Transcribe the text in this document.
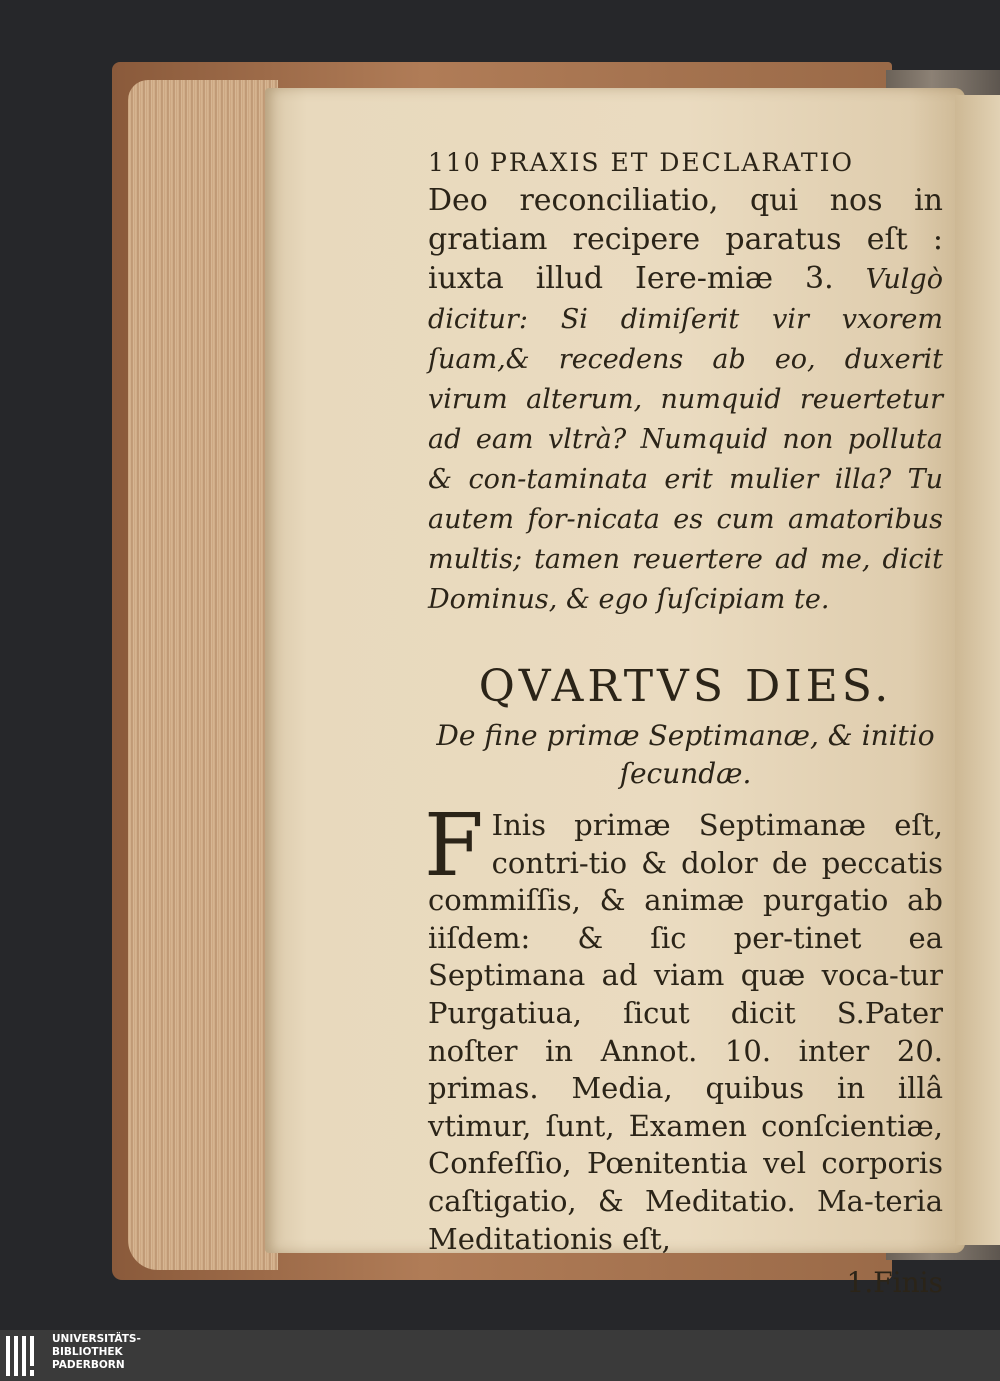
110 PRAXIS ET DECLARATIO

Deo reconciliatio, qui nos in gratiam recipere paratus eſt : iuxta illud Iere-miæ 3. Vulgò dicitur: Si dimiſerit vir vxorem ſuam,& recedens ab eo, duxerit virum alterum, numquid reuertetur ad eam vltrà? Numquid non polluta & con-taminata erit mulier illa? Tu autem for-nicata es cum amatoribus multis; tamen reuertere ad me, dicit Dominus, & ego ſuſcipiam te.

QVARTVS DIES.
De fine primæ Septimanæ, & initio ſecundæ.
F Inis primæ Septimanæ eſt, contri-tio & dolor de peccatis commiſſis, & animæ purgatio ab iiſdem: & ſic per-tinet ea Septimana ad viam quæ voca-tur Purgatiua, ſicut dicit S.Pater noſter in Annot. 10. inter 20. primas. Media, quibus in illâ vtimur, ſunt, Examen conſcientiæ, Confeſſio, Pœnitentia vel corporis caſtigatio, & Meditatio. Ma-teria Meditationis eſt,
1.Finis
UNIVERSITÄTS-
BIBLIOTHEK
PADERBORN
